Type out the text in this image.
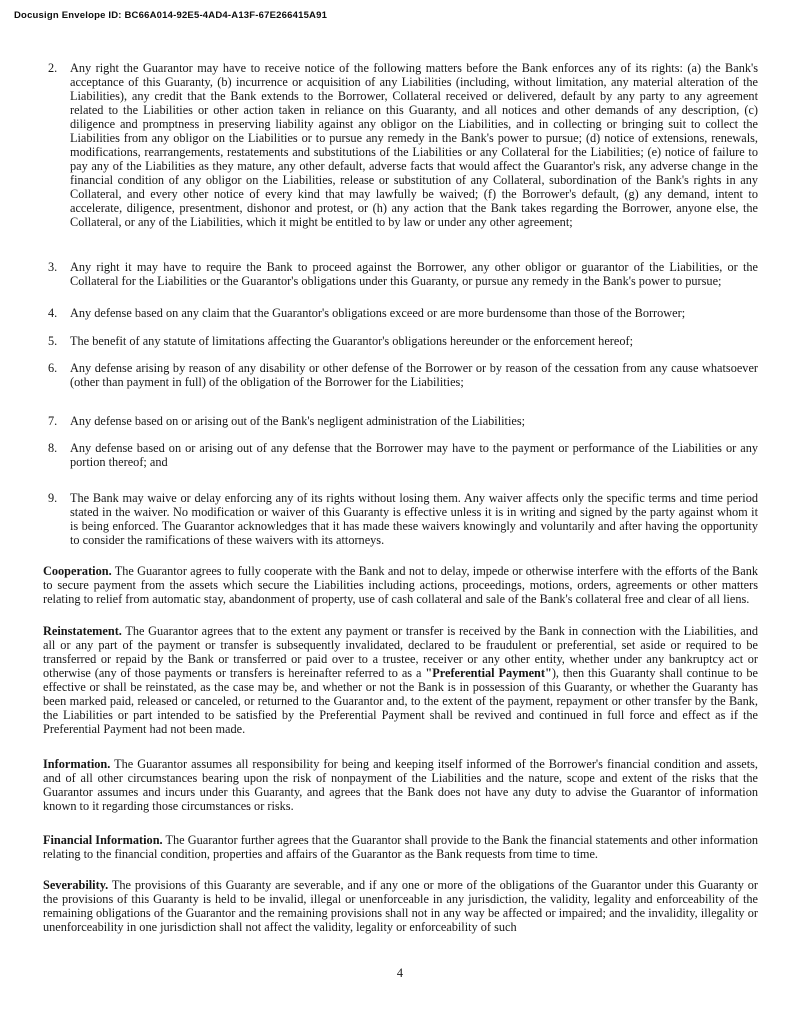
Docusign Envelope ID: BC66A014-92E5-4AD4-A13F-67E266415A91
2.	Any right the Guarantor may have to receive notice of the following matters before the Bank enforces any of its rights: (a) the Bank's acceptance of this Guaranty, (b) incurrence or acquisition of any Liabilities (including, without limitation, any material alteration of the Liabilities), any credit that the Bank extends to the Borrower, Collateral received or delivered, default by any party to any agreement related to the Liabilities or other action taken in reliance on this Guaranty, and all notices and other demands of any description, (c) diligence and promptness in preserving liability against any obligor on the Liabilities, and in collecting or bringing suit to collect the Liabilities from any obligor on the Liabilities or to pursue any remedy in the Bank's power to pursue; (d) notice of extensions, renewals, modifications, rearrangements, restatements and substitutions of the Liabilities or any Collateral for the Liabilities; (e) notice of failure to pay any of the Liabilities as they mature, any other default, adverse facts that would affect the Guarantor's risk, any adverse change in the financial condition of any obligor on the Liabilities, release or substitution of any Collateral, subordination of the Bank's rights in any Collateral, and every other notice of every kind that may lawfully be waived; (f) the Borrower's default, (g) any demand, intent to accelerate, diligence, presentment, dishonor and protest, or (h) any action that the Bank takes regarding the Borrower, anyone else, the Collateral, or any of the Liabilities, which it might be entitled to by law or under any other agreement;
3.	Any right it may have to require the Bank to proceed against the Borrower, any other obligor or guarantor of the Liabilities, or the Collateral for the Liabilities or the Guarantor's obligations under this Guaranty, or pursue any remedy in the Bank's power to pursue;
4.	Any defense based on any claim that the Guarantor's obligations exceed or are more burdensome than those of the Borrower;
5.	The benefit of any statute of limitations affecting the Guarantor's obligations hereunder or the enforcement hereof;
6.	Any defense arising by reason of any disability or other defense of the Borrower or by reason of the cessation from any cause whatsoever (other than payment in full) of the obligation of the Borrower for the Liabilities;
7.	Any defense based on or arising out of the Bank's negligent administration of the Liabilities;
8.	Any defense based on or arising out of any defense that the Borrower may have to the payment or performance of the Liabilities or any portion thereof; and
9.	The Bank may waive or delay enforcing any of its rights without losing them. Any waiver affects only the specific terms and time period stated in the waiver. No modification or waiver of this Guaranty is effective unless it is in writing and signed by the party against whom it is being enforced. The Guarantor acknowledges that it has made these waivers knowingly and voluntarily and after having the opportunity to consider the ramifications of these waivers with its attorneys.

Cooperation. The Guarantor agrees to fully cooperate with the Bank and not to delay, impede or otherwise interfere with the efforts of the Bank to secure payment from the assets which secure the Liabilities including actions, proceedings, motions, orders, agreements or other matters relating to relief from automatic stay, abandonment of property, use of cash collateral and sale of the Bank's collateral free and clear of all liens.

Reinstatement. The Guarantor agrees that to the extent any payment or transfer is received by the Bank in connection with the Liabilities, and all or any part of the payment or transfer is subsequently invalidated, declared to be fraudulent or preferential, set aside or required to be transferred or repaid by the Bank or transferred or paid over to a trustee, receiver or any other entity, whether under any bankruptcy act or otherwise (any of those payments or transfers is hereinafter referred to as a "Preferential Payment"), then this Guaranty shall continue to be effective or shall be reinstated, as the case may be, and whether or not the Bank is in possession of this Guaranty, or whether the Guaranty has been marked paid, released or canceled, or returned to the Guarantor and, to the extent of the payment, repayment or other transfer by the Bank, the Liabilities or part intended to be satisfied by the Preferential Payment shall be revived and continued in full force and effect as if the Preferential Payment had not been made.

Information. The Guarantor assumes all responsibility for being and keeping itself informed of the Borrower's financial condition and assets, and of all other circumstances bearing upon the risk of nonpayment of the Liabilities and the nature, scope and extent of the risks that the Guarantor assumes and incurs under this Guaranty, and agrees that the Bank does not have any duty to advise the Guarantor of information known to it regarding those circumstances or risks.

Financial Information. The Guarantor further agrees that the Guarantor shall provide to the Bank the financial statements and other information relating to the financial condition, properties and affairs of the Guarantor as the Bank requests from time to time.

Severability. The provisions of this Guaranty are severable, and if any one or more of the obligations of the Guarantor under this Guaranty or the provisions of this Guaranty is held to be invalid, illegal or unenforceable in any jurisdiction, the validity, legality and enforceability of the remaining obligations of the Guarantor and the remaining provisions shall not in any way be affected or impaired; and the invalidity, illegality or unenforceability in one jurisdiction shall not affect the validity, legality or enforceability of such

4
